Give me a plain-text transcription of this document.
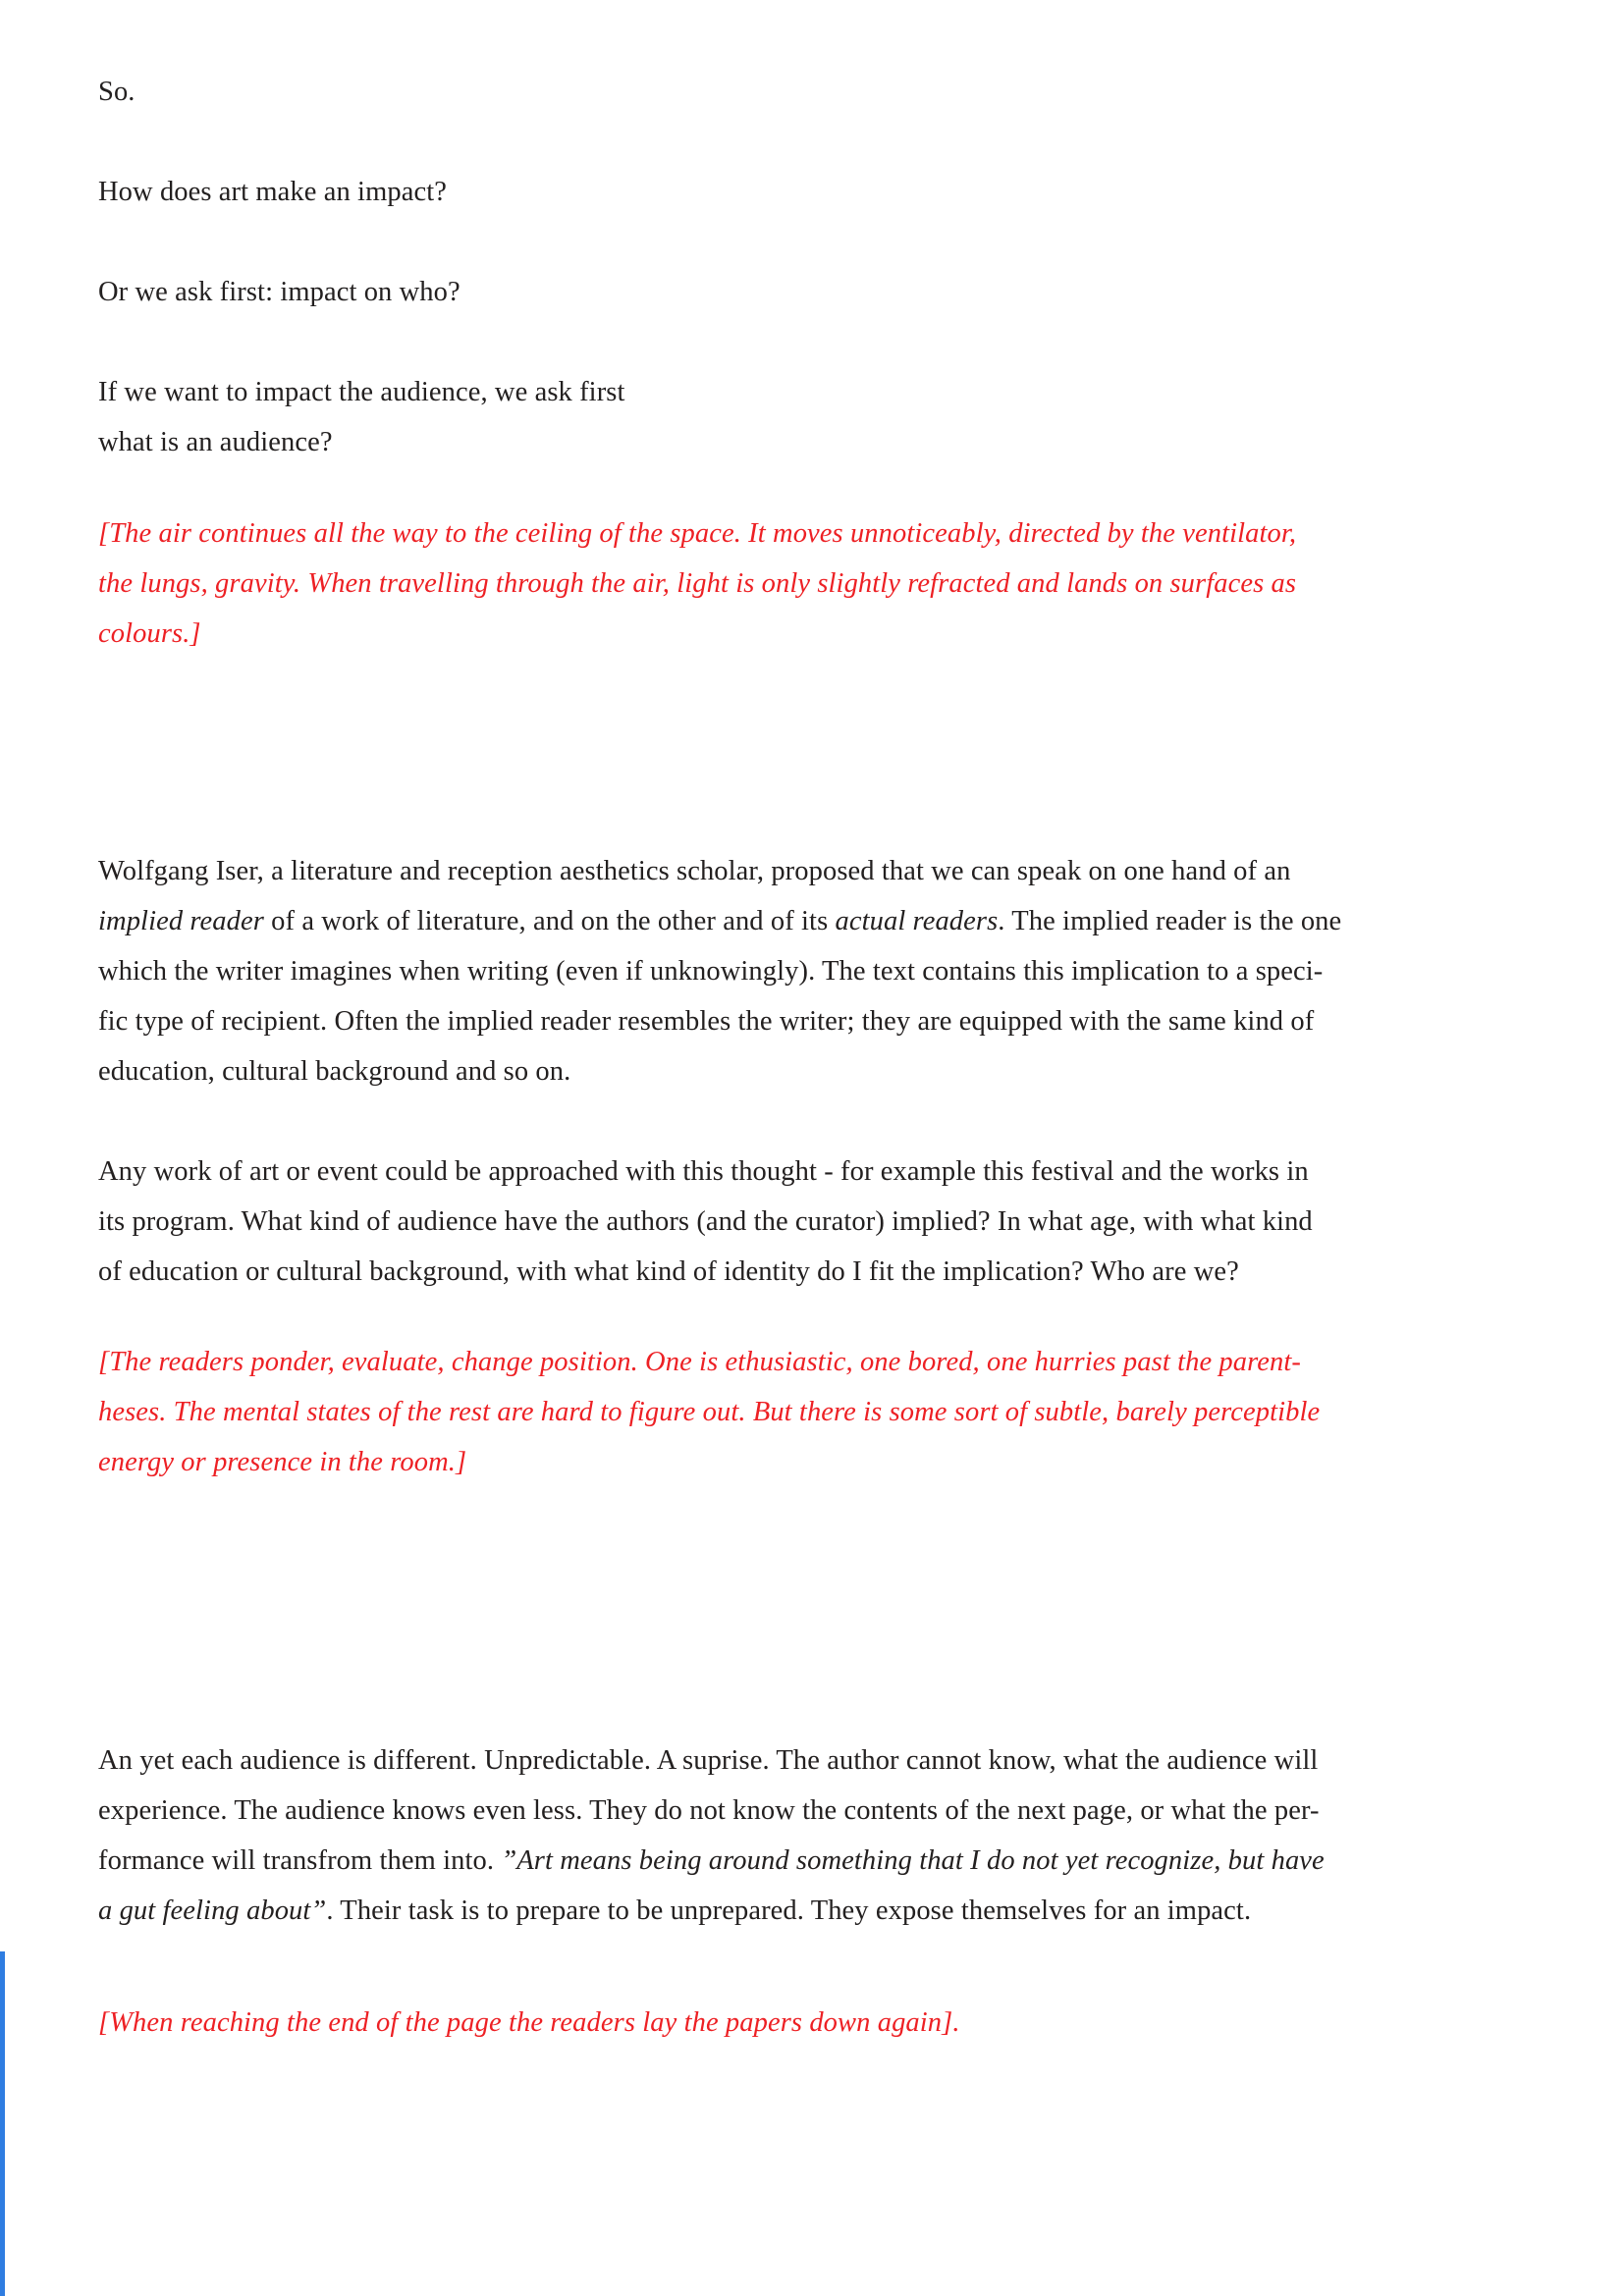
So.

How does art make an impact?

Or we ask first: impact on who?

If we want to impact the audience, we ask first
what is an audience?

[The air continues all the way to the ceiling of the space. It moves unnoticeably, directed by the ventilator,
the lungs, gravity. When travelling through the air, light is only slightly refracted and lands on surfaces as
colours.]

Wolfgang Iser, a literature and reception aesthetics scholar, proposed that we can speak on one hand of an
implied reader of a work of literature, and on the other and of its actual readers. The implied reader is the one
which the writer imagines when writing (even if unknowingly). The text contains this implication to a speci-
fic type of recipient. Often the implied reader resembles the writer; they are equipped with the same kind of
education, cultural background and so on.

Any work of art or event could be approached with this thought - for example this festival and the works in
its program. What kind of audience have the authors (and the curator) implied? In what age, with what kind
of education or cultural background, with what kind of identity do I fit the implication? Who are we?

[The readers ponder, evaluate, change position. One is ethusiastic, one bored, one hurries past the parent-
heses. The mental states of the rest are hard to figure out. But there is some sort of subtle, barely perceptible
energy or presence in the room.]

An yet each audience is different. Unpredictable. A suprise. The author cannot know, what the audience will
experience. The audience knows even less. They do not know the contents of the next page, or what the per-
formance will transfrom them into. ”Art means being around something that I do not yet recognize, but have
a gut feeling about”. Their task is to prepare to be unprepared. They expose themselves for an impact.

[When reaching the end of the page the readers lay the papers down again].
